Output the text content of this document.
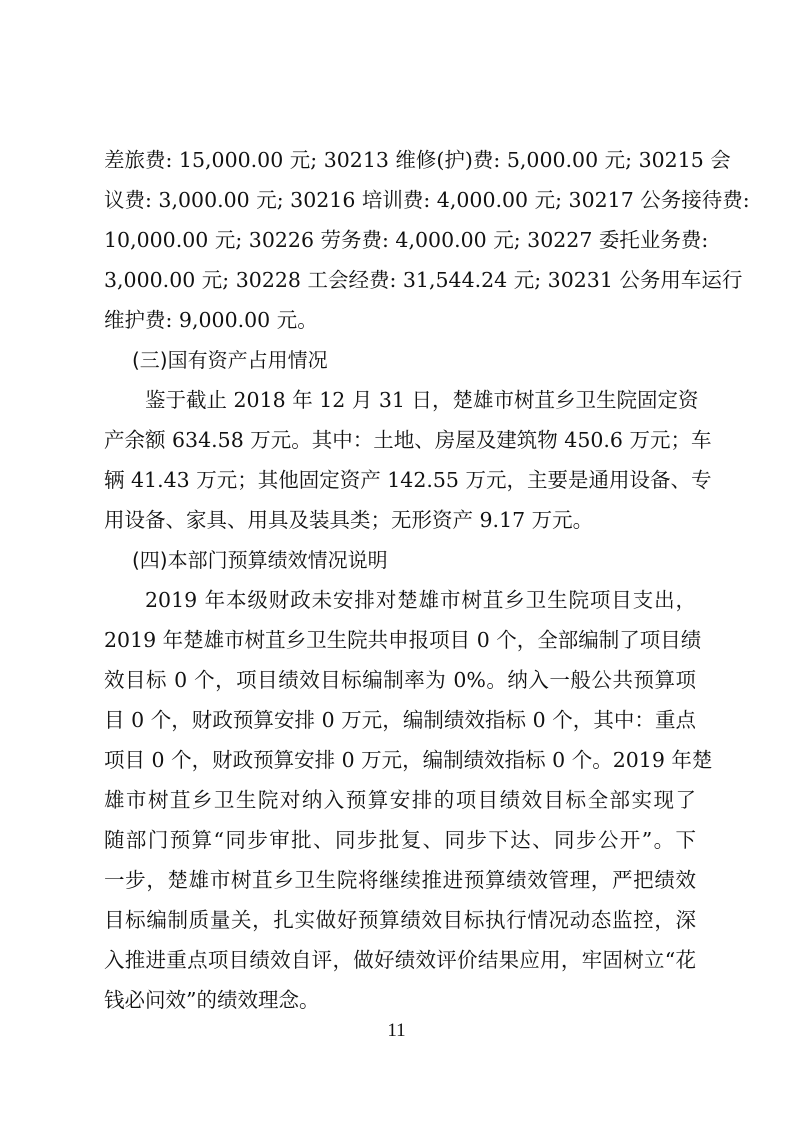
差旅费: 15,000.00 元; 30213 维修(护)费: 5,000.00 元; 30215 会
议费: 3,000.00 元; 30216 培训费: 4,000.00 元; 30217 公务接待费:
10,000.00 元; 30226 劳务费: 4,000.00 元; 30227 委托业务费:
3,000.00 元; 30228 工会经费: 31,544.24 元; 30231 公务用车运行
维护费: 9,000.00 元。
(三)国有资产占用情况
鉴于截止 2018 年 12 月 31 日，楚雄市树苴乡卫生院固定资
产余额 634.58 万元。其中：土地、房屋及建筑物 450.6 万元；车
辆 41.43 万元；其他固定资产 142.55 万元，主要是通用设备、专
用设备、家具、用具及装具类；无形资产 9.17 万元。
(四)本部门预算绩效情况说明
2019 年本级财政未安排对楚雄市树苴乡卫生院项目支出，
2019 年楚雄市树苴乡卫生院共申报项目 0 个，全部编制了项目绩
效目标 0 个，项目绩效目标编制率为 0%。纳入一般公共预算项
目 0 个，财政预算安排 0 万元，编制绩效指标 0 个，其中：重点
项目 0 个，财政预算安排 0 万元，编制绩效指标 0 个。2019 年楚
雄市树苴乡卫生院对纳入预算安排的项目绩效目标全部实现了
随部门预算“同步审批、同步批复、同步下达、同步公开”。下
一步，楚雄市树苴乡卫生院将继续推进预算绩效管理，严把绩效
目标编制质量关，扎实做好预算绩效目标执行情况动态监控，深
入推进重点项目绩效自评，做好绩效评价结果应用，牢固树立“花
钱必问效”的绩效理念。
11
